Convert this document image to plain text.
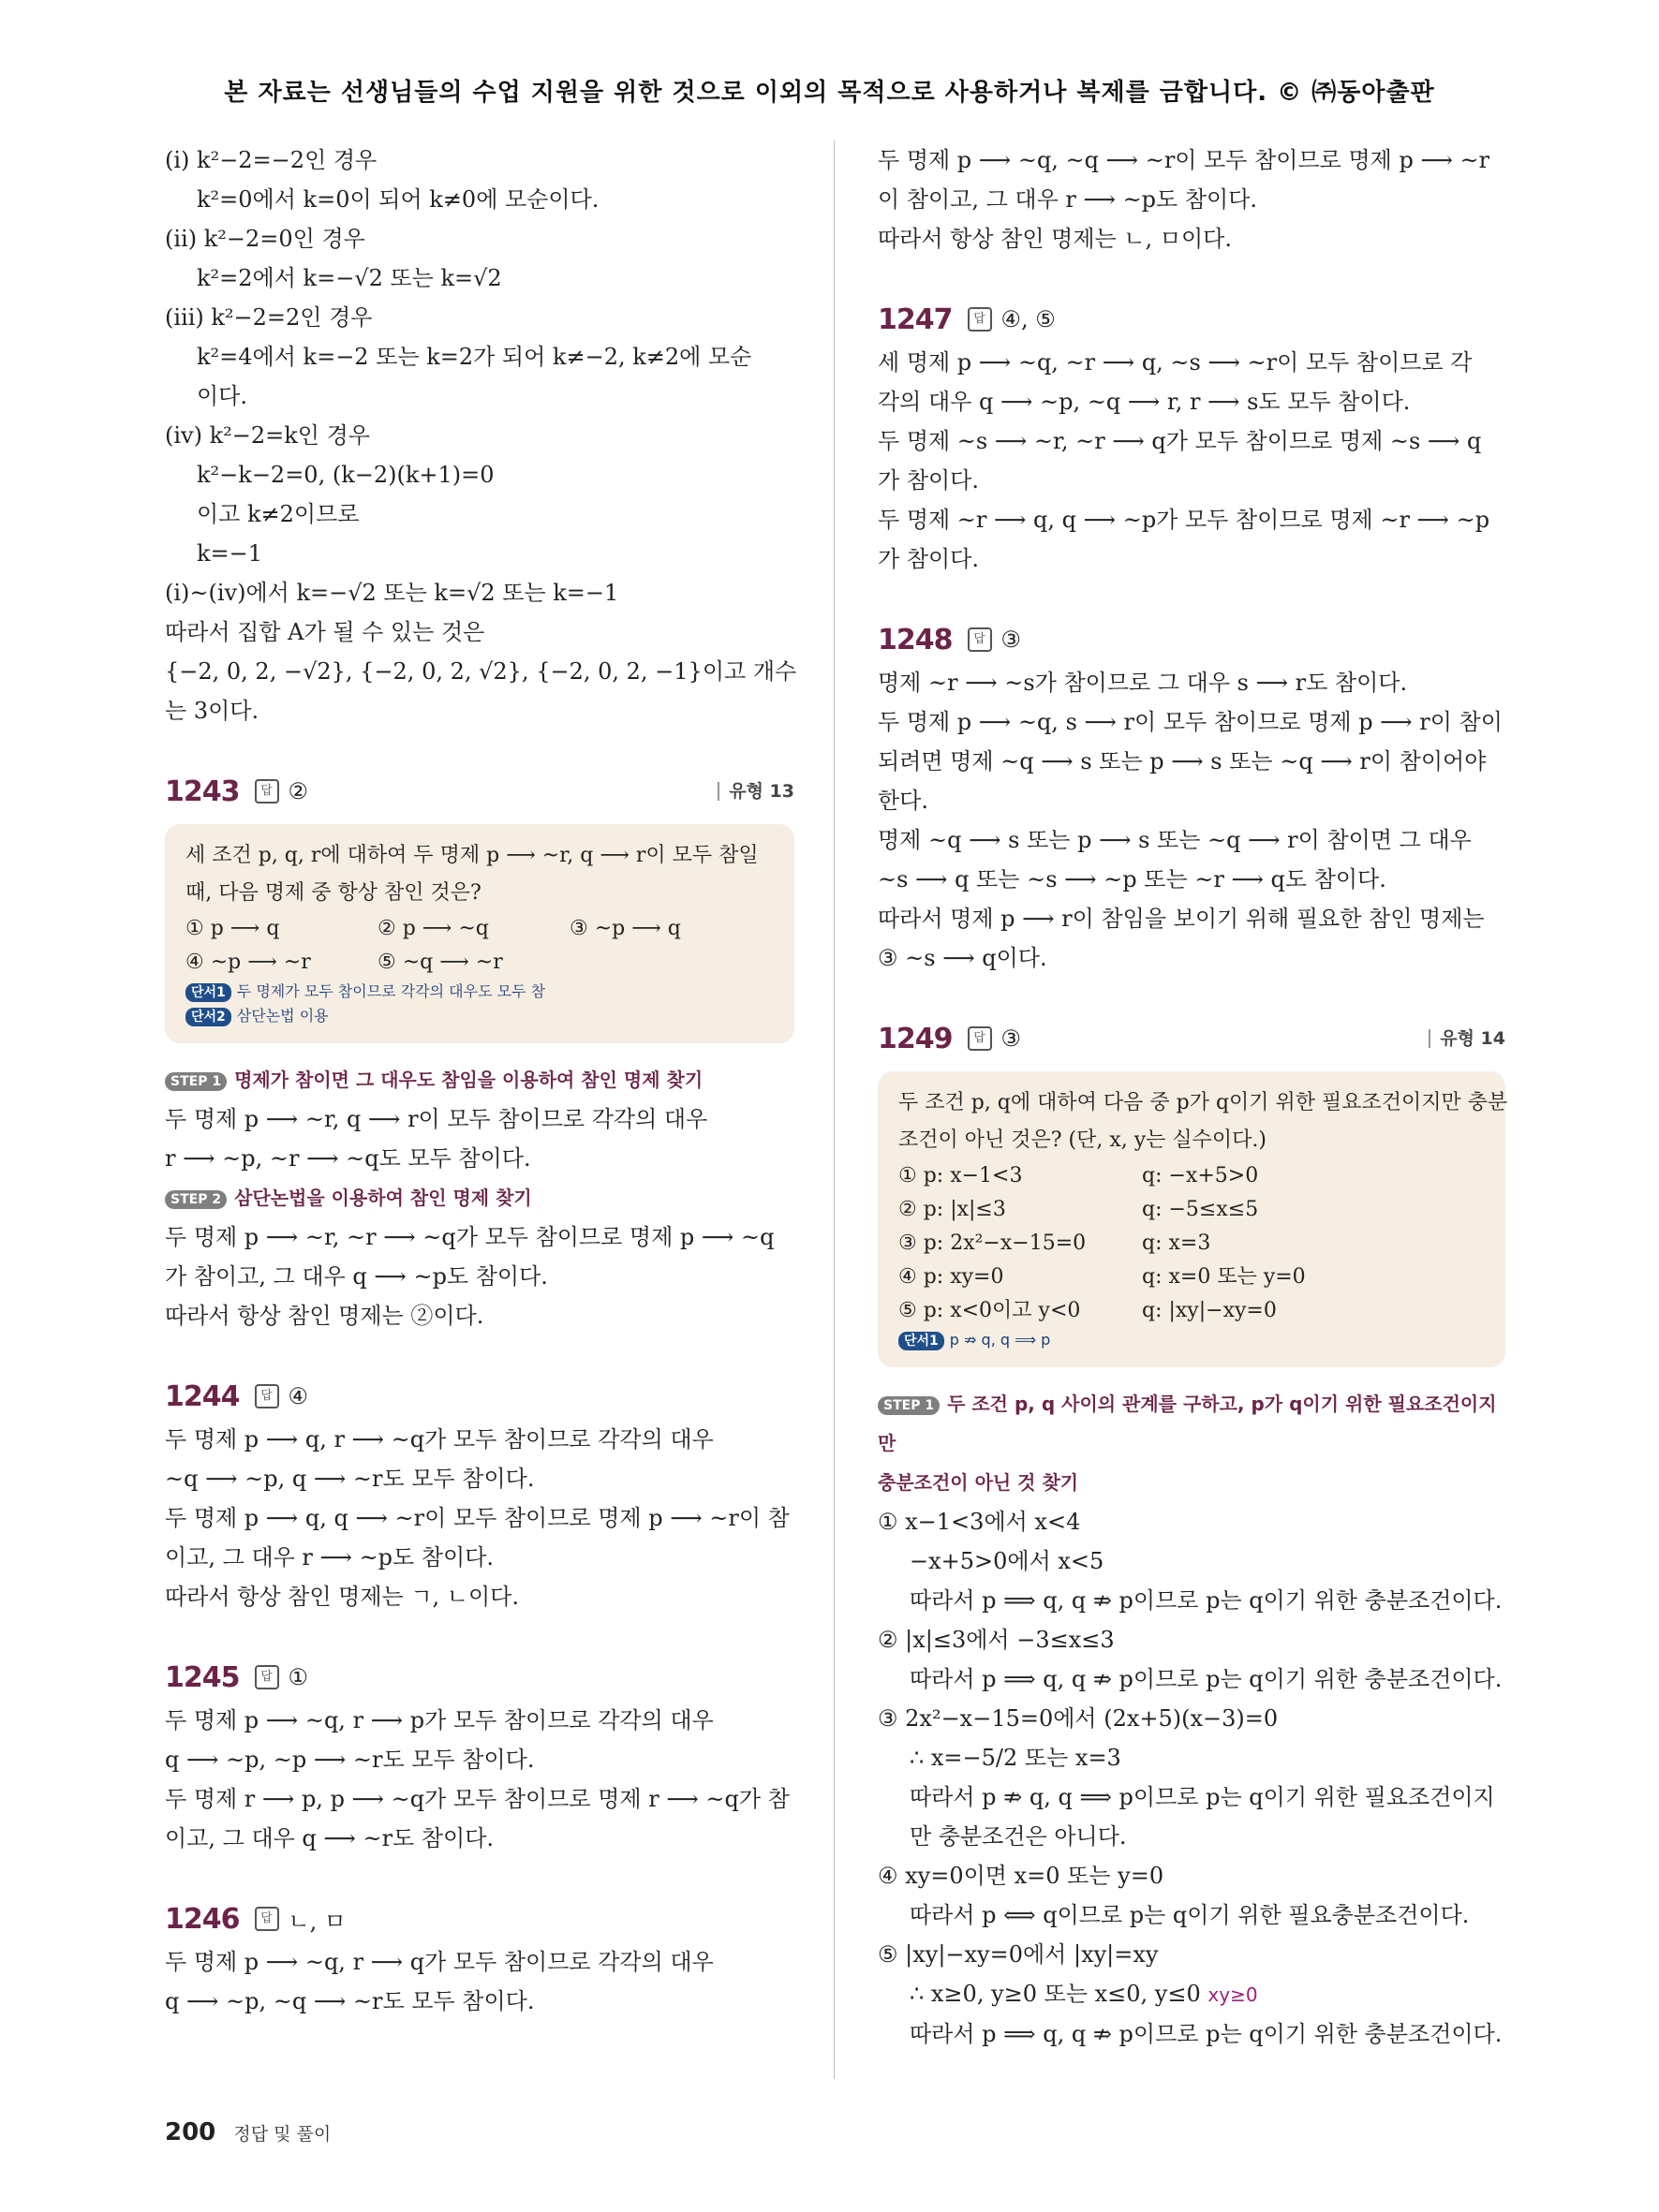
본 자료는 선생님들의 수업 지원을 위한 것으로 이외의 목적으로 사용하거나 복제를 금합니다. © ㈜동아출판
(ⅰ) k²−2=−2인 경우
k²=0에서 k=0이 되어 k≠0에 모순이다.
(ⅱ) k²−2=0인 경우
k²=2에서 k=−√2 또는 k=√2
(ⅲ) k²−2=2인 경우
k²=4에서 k=−2 또는 k=2가 되어 k≠−2, k≠2에 모순
이다.
(ⅳ) k²−2=k인 경우
k²−k−2=0, (k−2)(k+1)=0
이고 k≠2이므로
k=−1
(ⅰ)~(ⅳ)에서 k=−√2 또는 k=√2 또는 k=−1
따라서 집합 A가 될 수 있는 것은
{−2, 0, 2, −√2}, {−2, 0, 2, √2}, {−2, 0, 2, −1}이고 개수
는 3이다.
1243	답 ②	유형 13
세 조건 p, q, r에 대하여 두 명제 p ⟶ ~r, q ⟶ r이 모두 참일
때, 다음 명제 중 항상 참인 것은?
① p ⟶ q	② p ⟶ ~q	③ ~p ⟶ q
④ ~p ⟶ ~r	⑤ ~q ⟶ ~r
단서1 두 명제가 모두 참이므로 각각의 대우도 모두 참
단서2 삼단논법 이용
STEP 1 명제가 참이면 그 대우도 참임을 이용하여 참인 명제 찾기
두 명제 p ⟶ ~r, q ⟶ r이 모두 참이므로 각각의 대우
r ⟶ ~p, ~r ⟶ ~q도 모두 참이다.
STEP 2 삼단논법을 이용하여 참인 명제 찾기
두 명제 p ⟶ ~r, ~r ⟶ ~q가 모두 참이므로 명제 p ⟶ ~q
가 참이고, 그 대우 q ⟶ ~p도 참이다.
따라서 항상 참인 명제는 ②이다.
1244	답 ④
두 명제 p ⟶ q, r ⟶ ~q가 모두 참이므로 각각의 대우
~q ⟶ ~p, q ⟶ ~r도 모두 참이다.
두 명제 p ⟶ q, q ⟶ ~r이 모두 참이므로 명제 p ⟶ ~r이 참
이고, 그 대우 r ⟶ ~p도 참이다.
따라서 항상 참인 명제는 ㄱ, ㄴ이다.
1245	답 ①
두 명제 p ⟶ ~q, r ⟶ p가 모두 참이므로 각각의 대우
q ⟶ ~p, ~p ⟶ ~r도 모두 참이다.
두 명제 r ⟶ p, p ⟶ ~q가 모두 참이므로 명제 r ⟶ ~q가 참
이고, 그 대우 q ⟶ ~r도 참이다.
1246	답 ㄴ, ㅁ
두 명제 p ⟶ ~q, r ⟶ q가 모두 참이므로 각각의 대우
q ⟶ ~p, ~q ⟶ ~r도 모두 참이다.
두 명제 p ⟶ ~q, ~q ⟶ ~r이 모두 참이므로 명제 p ⟶ ~r
이 참이고, 그 대우 r ⟶ ~p도 참이다.
따라서 항상 참인 명제는 ㄴ, ㅁ이다.
1247	답 ④, ⑤
세 명제 p ⟶ ~q, ~r ⟶ q, ~s ⟶ ~r이 모두 참이므로 각
각의 대우 q ⟶ ~p, ~q ⟶ r, r ⟶ s도 모두 참이다.
두 명제 ~s ⟶ ~r, ~r ⟶ q가 모두 참이므로 명제 ~s ⟶ q
가 참이다.
두 명제 ~r ⟶ q, q ⟶ ~p가 모두 참이므로 명제 ~r ⟶ ~p
가 참이다.
1248	답 ③
명제 ~r ⟶ ~s가 참이므로 그 대우 s ⟶ r도 참이다.
두 명제 p ⟶ ~q, s ⟶ r이 모두 참이므로 명제 p ⟶ r이 참이
되려면 명제 ~q ⟶ s 또는 p ⟶ s 또는 ~q ⟶ r이 참이어야
한다.
명제 ~q ⟶ s 또는 p ⟶ s 또는 ~q ⟶ r이 참이면 그 대우
~s ⟶ q 또는 ~s ⟶ ~p 또는 ~r ⟶ q도 참이다.
따라서 명제 p ⟶ r이 참임을 보이기 위해 필요한 참인 명제는
③ ~s ⟶ q이다.
1249	답 ③	유형 14
두 조건 p, q에 대하여 다음 중 p가 q이기 위한 필요조건이지만 충분
조건이 아닌 것은? (단, x, y는 실수이다.)
① p: x−1<3	q: −x+5>0
② p: |x|≤3	q: −5≤x≤5
③ p: 2x²−x−15=0	q: x=3
④ p: xy=0	q: x=0 또는 y=0
⑤ p: x<0이고 y<0	q: |xy|−xy=0
단서1 p ⇏ q, q ⟹ p
STEP 1 두 조건 p, q 사이의 관계를 구하고, p가 q이기 위한 필요조건이지만
충분조건이 아닌 것 찾기
① x−1<3에서 x<4
−x+5>0에서 x<5
따라서 p ⟹ q, q ⇏ p이므로 p는 q이기 위한 충분조건이다.
② |x|≤3에서 −3≤x≤3
따라서 p ⟹ q, q ⇏ p이므로 p는 q이기 위한 충분조건이다.
③ 2x²−x−15=0에서 (2x+5)(x−3)=0
∴ x=−5/2 또는 x=3
따라서 p ⇏ q, q ⟹ p이므로 p는 q이기 위한 필요조건이지
만 충분조건은 아니다.
④ xy=0이면 x=0 또는 y=0
따라서 p ⟺ q이므로 p는 q이기 위한 필요충분조건이다.
⑤ |xy|−xy=0에서 |xy|=xy
∴ x≥0, y≥0 또는 x≤0, y≤0 xy≥0
따라서 p ⟹ q, q ⇏ p이므로 p는 q이기 위한 충분조건이다.
200 정답 및 풀이
